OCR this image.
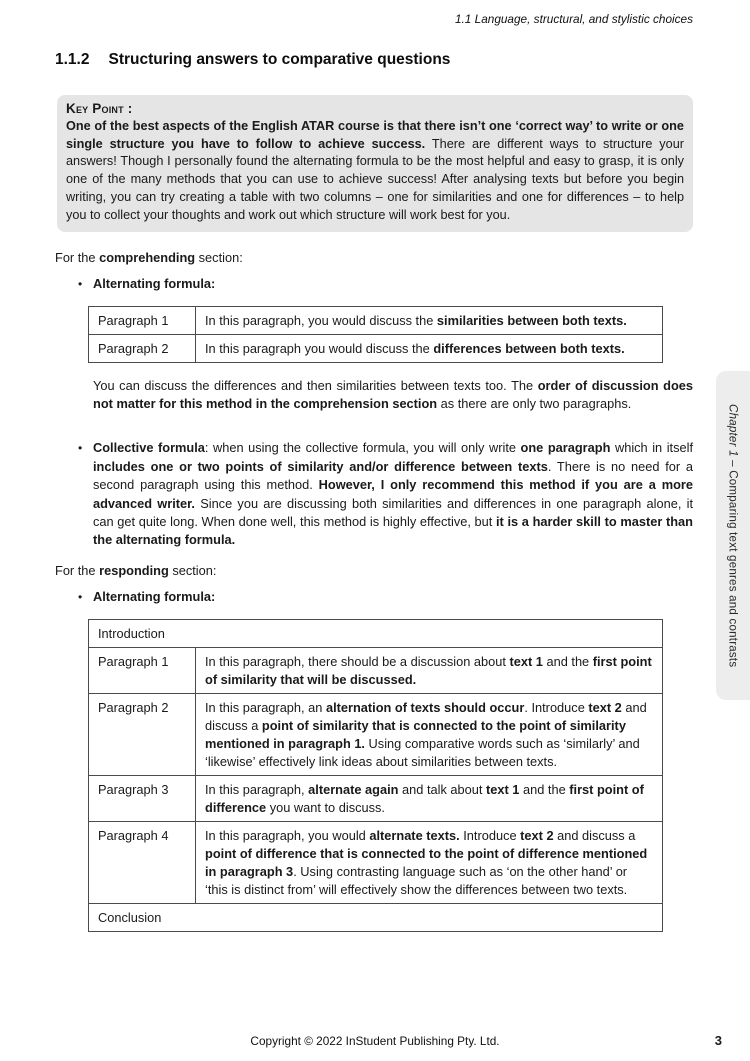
1.1 Language, structural, and stylistic choices
1.1.2 Structuring answers to comparative questions
Key Point :
One of the best aspects of the English ATAR course is that there isn’t one ‘correct way’ to write or one single structure you have to follow to achieve success. There are different ways to structure your answers! Though I personally found the alternating formula to be the most helpful and easy to grasp, it is only one of the many methods that you can use to achieve success! After analysing texts but before you begin writing, you can try creating a table with two columns – one for similarities and one for differences – to help you to collect your thoughts and work out which structure will work best for you.

For the comprehending section:

• Alternating formula:
Paragraph 1	In this paragraph, you would discuss the similarities between both texts.
Paragraph 2	In this paragraph you would discuss the differences between both texts.

You can discuss the differences and then similarities between texts too. The order of discussion does not matter for this method in the comprehension section as there are only two paragraphs.

• Collective formula: when using the collective formula, you will only write one paragraph which in itself includes one or two points of similarity and/or difference between texts. There is no need for a second paragraph using this method. However, I only recommend this method if you are a more advanced writer. Since you are discussing both similarities and differences in one paragraph alone, it can get quite long. When done well, this method is highly effective, but it is a harder skill to master than the alternating formula.

For the responding section:

• Alternating formula:
Introduction	
Paragraph 1	In this paragraph, there should be a discussion about text 1 and the first point of similarity that will be discussed.
Paragraph 2	In this paragraph, an alternation of texts should occur. Introduce text 2 and discuss a point of similarity that is connected to the point of similarity mentioned in paragraph 1. Using comparative words such as ‘similarly’ and ‘likewise’ effectively link ideas about similarities between texts.
Paragraph 3	In this paragraph, alternate again and talk about text 1 and the first point of difference you want to discuss.
Paragraph 4	In this paragraph, you would alternate texts. Introduce text 2 and discuss a point of difference that is connected to the point of difference mentioned in paragraph 3. Using contrasting language such as ‘on the other hand’ or ‘this is distinct from’ will effectively show the differences between two texts.
Conclusion	
Chapter 1 – Comparing text genres and contrasts
Copyright © 2022 InStudent Publishing Pty. Ltd.	3
